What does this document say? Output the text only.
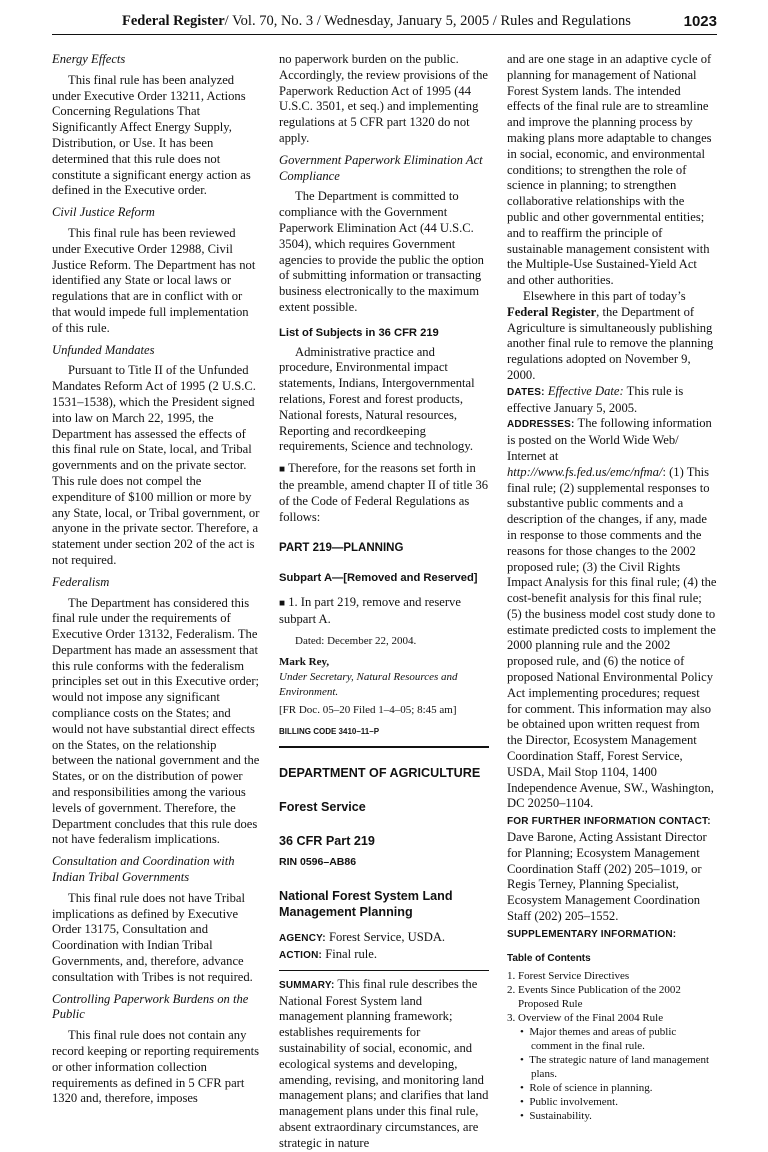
Federal Register/ Vol. 70, No. 3 / Wednesday, January 5, 2005 / Rules and Regulations	1023
Energy Effects

This final rule has been analyzed under Executive Order 13211, Actions Concerning Regulations That Significantly Affect Energy Supply, Distribution, or Use. It has been determined that this rule does not constitute a significant energy action as defined in the Executive order.

Civil Justice Reform

This final rule has been reviewed under Executive Order 12988, Civil Justice Reform. The Department has not identified any State or local laws or regulations that are in conflict with or that would impede full implementation of this rule.

Unfunded Mandates

Pursuant to Title II of the Unfunded Mandates Reform Act of 1995 (2 U.S.C. 1531–1538), which the President signed into law on March 22, 1995, the Department has assessed the effects of this final rule on State, local, and Tribal governments and on the private sector. This rule does not compel the expenditure of $100 million or more by any State, local, or Tribal government, or anyone in the private sector. Therefore, a statement under section 202 of the act is not required.

Federalism

The Department has considered this final rule under the requirements of Executive Order 13132, Federalism. The Department has made an assessment that this rule conforms with the federalism principles set out in this Executive order; would not impose any significant compliance costs on the States; and would not have substantial direct effects on the States, on the relationship between the national government and the States, or on the distribution of power and responsibilities among the various levels of government. Therefore, the Department concludes that this rule does not have federalism implications.

Consultation and Coordination with Indian Tribal Governments

This final rule does not have Tribal implications as defined by Executive Order 13175, Consultation and Coordination with Indian Tribal Governments, and, therefore, advance consultation with Tribes is not required.

Controlling Paperwork Burdens on the Public

This final rule does not contain any record keeping or reporting requirements or other information collection requirements as defined in 5 CFR part 1320 and, therefore, imposes

no paperwork burden on the public. Accordingly, the review provisions of the Paperwork Reduction Act of 1995 (44 U.S.C. 3501, et seq.) and implementing regulations at 5 CFR part 1320 do not apply.

Government Paperwork Elimination Act Compliance

The Department is committed to compliance with the Government Paperwork Elimination Act (44 U.S.C. 3504), which requires Government agencies to provide the public the option of submitting information or transacting business electronically to the maximum extent possible.

List of Subjects in 36 CFR 219

Administrative practice and procedure, Environmental impact statements, Indians, Intergovernmental relations, Forest and forest products, National forests, Natural resources, Reporting and recordkeeping requirements, Science and technology.

■ Therefore, for the reasons set forth in the preamble, amend chapter II of title 36 of the Code of Federal Regulations as follows:

PART 219—PLANNING
Subpart A—[Removed and Reserved]

■ 1. In part 219, remove and reserve subpart A.

Dated: December 22, 2004.

Mark Rey,
Under Secretary, Natural Resources and Environment.
[FR Doc. 05–20 Filed 1–4–05; 8:45 am]
BILLING CODE 3410–11–P
DEPARTMENT OF AGRICULTURE
Forest Service
36 CFR Part 219
RIN 0596–AB86
National Forest System Land Management Planning

AGENCY: Forest Service, USDA.

ACTION: Final rule.

SUMMARY: This final rule describes the National Forest System land management planning framework; establishes requirements for sustainability of social, economic, and ecological systems and developing, amending, revising, and monitoring land management plans; and clarifies that land management plans under this final rule, absent extraordinary circumstances, are strategic in nature

and are one stage in an adaptive cycle of planning for management of National Forest System lands. The intended effects of the final rule are to streamline and improve the planning process by making plans more adaptable to changes in social, economic, and environmental conditions; to strengthen the role of science in planning; to strengthen collaborative relationships with the public and other governmental entities; and to reaffirm the principle of sustainable management consistent with the Multiple-Use Sustained-Yield Act and other authorities.

Elsewhere in this part of today’s Federal Register, the Department of Agriculture is simultaneously publishing another final rule to remove the planning regulations adopted on November 9, 2000.

DATES: Effective Date: This rule is effective January 5, 2005.

ADDRESSES: The following information is posted on the World Wide Web/ Internet at http://www.fs.fed.us/emc/nfma/: (1) This final rule; (2) supplemental responses to substantive public comments and a description of the changes, if any, made in response to those comments and the reasons for those changes to the 2002 proposed rule; (3) the Civil Rights Impact Analysis for this final rule; (4) the cost-benefit analysis for this final rule; (5) the business model cost study done to estimate predicted costs to implement the 2000 planning rule and the 2002 proposed rule, and (6) the notice of proposed National Environmental Policy Act implementing procedures; request for comment. This information may also be obtained upon written request from the Director, Ecosystem Management Coordination Staff, Forest Service, USDA, Mail Stop 1104, 1400 Independence Avenue, SW., Washington, DC 20250–1104.

FOR FURTHER INFORMATION CONTACT:

Dave Barone, Acting Assistant Director for Planning; Ecosystem Management Coordination Staff (202) 205–1019, or Regis Terney, Planning Specialist, Ecosystem Management Coordination Staff (202) 205–1552.

SUPPLEMENTARY INFORMATION:
Table of Contents
1. Forest Service Directives
2. Events Since Publication of the 2002 Proposed Rule
3. Overview of the Final 2004 Rule
• Major themes and areas of public comment in the final rule.
• The strategic nature of land management plans.
• Role of science in planning.
• Public involvement.
• Sustainability.
